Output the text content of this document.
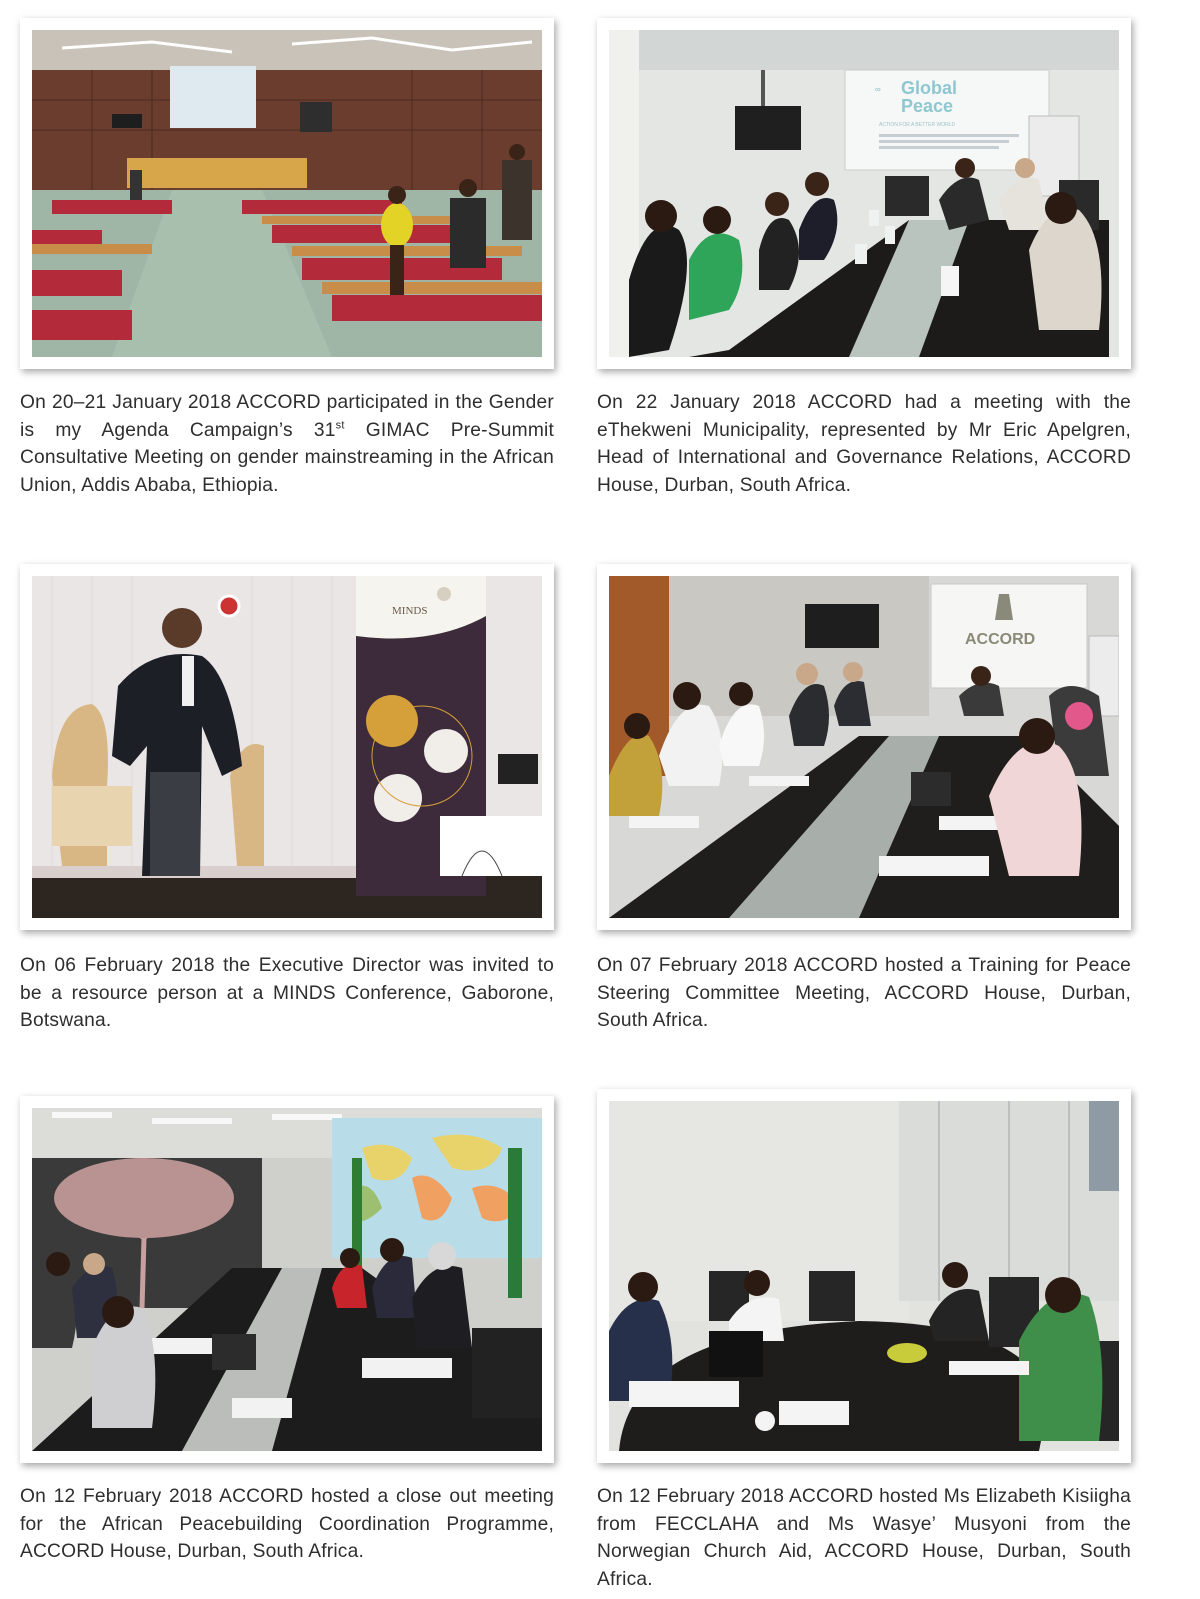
∞ Global
Peace
ACTION FOR A BETTER WORLD
On 20–21 January 2018 ACCORD participated in the Gender is my Agenda Campaign’s 31st GIMAC Pre-Summit Consultative Meeting on gender mainstreaming in the African Union, Addis Ababa, Ethiopia.
On 22 January 2018 ACCORD had a meeting with the eThekweni Municipality, represented by Mr Eric Apelgren, Head of International and Governance Relations, ACCORD House, Durban, South Africa.
MINDS
ACCORD
On 06 February 2018 the Executive Director was invited to be a resource person at a MINDS Conference, Gaborone, Botswana.
On 07 February 2018 ACCORD hosted a Training for Peace Steering Committee Meeting, ACCORD House, Durban, South Africa.
On 12 February 2018 ACCORD hosted a close out meeting for the African Peacebuilding Coordination Programme, ACCORD House, Durban, South Africa.
On 12 February 2018 ACCORD hosted Ms Elizabeth Kisiigha from FECCLAHA and Ms Wasye’ Musyoni from the Norwegian Church Aid, ACCORD House, Durban, South Africa.
